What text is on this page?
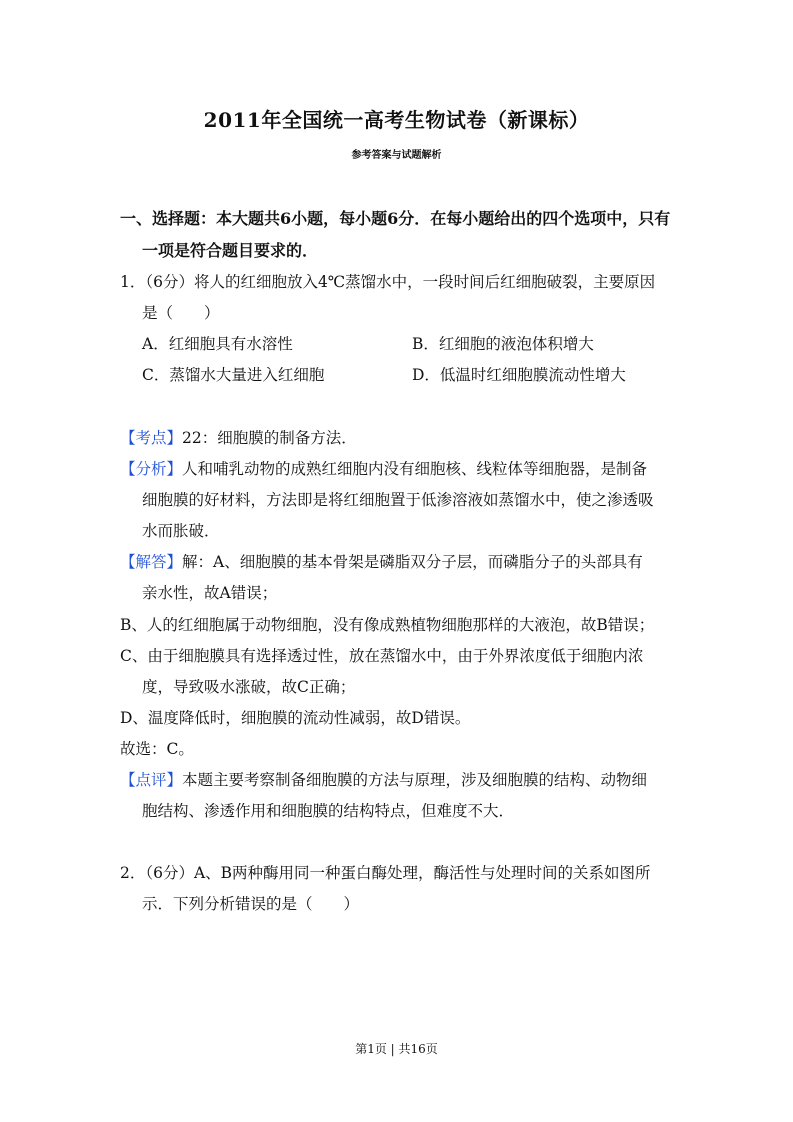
2011年全国统一高考生物试卷（新课标）
参考答案与试题解析
一、选择题：本大题共6小题，每小题6分．在每小题给出的四个选项中，只有
一项是符合题目要求的．
1．（6分）将人的红细胞放入4℃蒸馏水中，一段时间后红细胞破裂，主要原因
是（　　）
A．红细胞具有水溶性	B．红细胞的液泡体积增大
C．蒸馏水大量进入红细胞	D．低温时红细胞膜流动性增大
【考点】22：细胞膜的制备方法．
【分析】人和哺乳动物的成熟红细胞内没有细胞核、线粒体等细胞器，是制备
细胞膜的好材料，方法即是将红细胞置于低渗溶液如蒸馏水中，使之渗透吸
水而胀破．
【解答】解：A、细胞膜的基本骨架是磷脂双分子层，而磷脂分子的头部具有
亲水性，故A错误；
B、人的红细胞属于动物细胞，没有像成熟植物细胞那样的大液泡，故B错误；
C、由于细胞膜具有选择透过性，放在蒸馏水中，由于外界浓度低于细胞内浓
度，导致吸水涨破，故C正确；
D、温度降低时，细胞膜的流动性减弱，故D错误。
故选：C。
【点评】本题主要考察制备细胞膜的方法与原理，涉及细胞膜的结构、动物细
胞结构、渗透作用和细胞膜的结构特点，但难度不大．
2．（6分）A、B两种酶用同一种蛋白酶处理，酶活性与处理时间的关系如图所
示．下列分析错误的是（　　）
第1页 | 共16页
